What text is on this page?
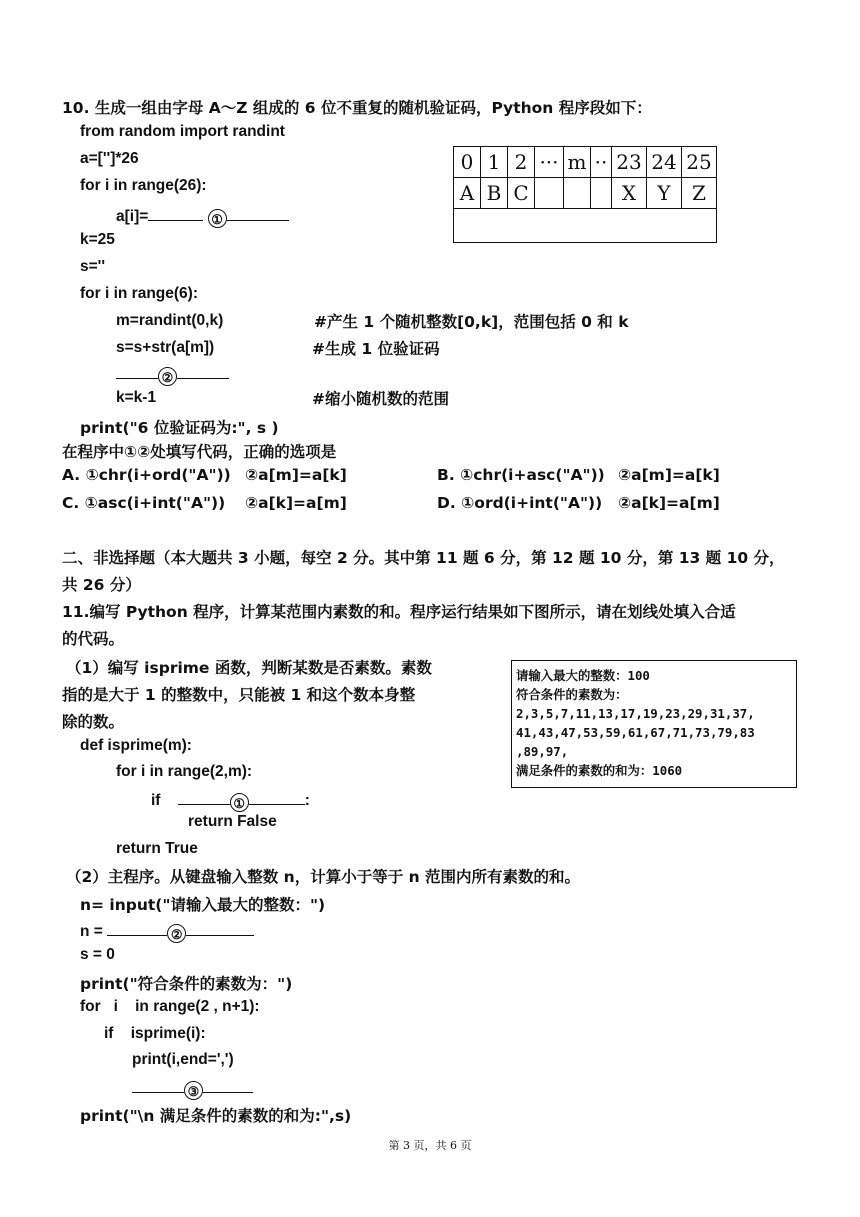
10. 生成一组由字母 A～Z 组成的 6 位不重复的随机验证码，Python 程序段如下：
from random import randint
a=['']*26
for i in range(26):
a[i]=	①
k=25
s=''
for i in range(6):
m=randint(0,k)	#产生 1 个随机整数[0,k]，范围包括 0 和 k
s=s+str(a[m])	#生成 1 位验证码
②
k=k-1	#缩小随机数的范围
print("6 位验证码为:", s )
在程序中①②处填写代码，正确的选项是
A. ①chr(i+ord("A")) ②a[m]=a[k]	B. ①chr(i+asc("A")) ②a[m]=a[k]
C. ①asc(i+int("A")) ②a[k]=a[m]	D. ①ord(i+int("A")) ②a[k]=a[m]
0	1	2	···	m	··	23	24	25
A	B	C				X	Y	Z

二、非选择题（本大题共 3 小题，每空 2 分。其中第 11 题 6 分，第 12 题 10 分，第 13 题 10 分，
共 26 分）
11.编写 Python 程序，计算某范围内素数的和。程序运行结果如下图所示，请在划线处填入合适
的代码。
（1）编写 isprime 函数，判断某数是否素数。素数
指的是大于 1 的整数中，只能被 1 和这个数本身整
除的数。
def isprime(m):
for i in range(2,m):
if	①	:
return False
return True
（2）主程序。从键盘输入整数 n，计算小于等于 n 范围内所有素数的和。
n= input("请输入最大的整数：")
n =	②
s = 0
print("符合条件的素数为：")
for   i    in range(2 , n+1):
if    isprime(i):
print(i,end=',')
③
print("\n 满足条件的素数的和为:",s)
请输入最大的整数：100
符合条件的素数为：
2,3,5,7,11,13,17,19,23,29,31,37,
41,43,47,53,59,61,67,71,73,79,83
,89,97,
满足条件的素数的和为：1060
第 3 页，共 6 页
